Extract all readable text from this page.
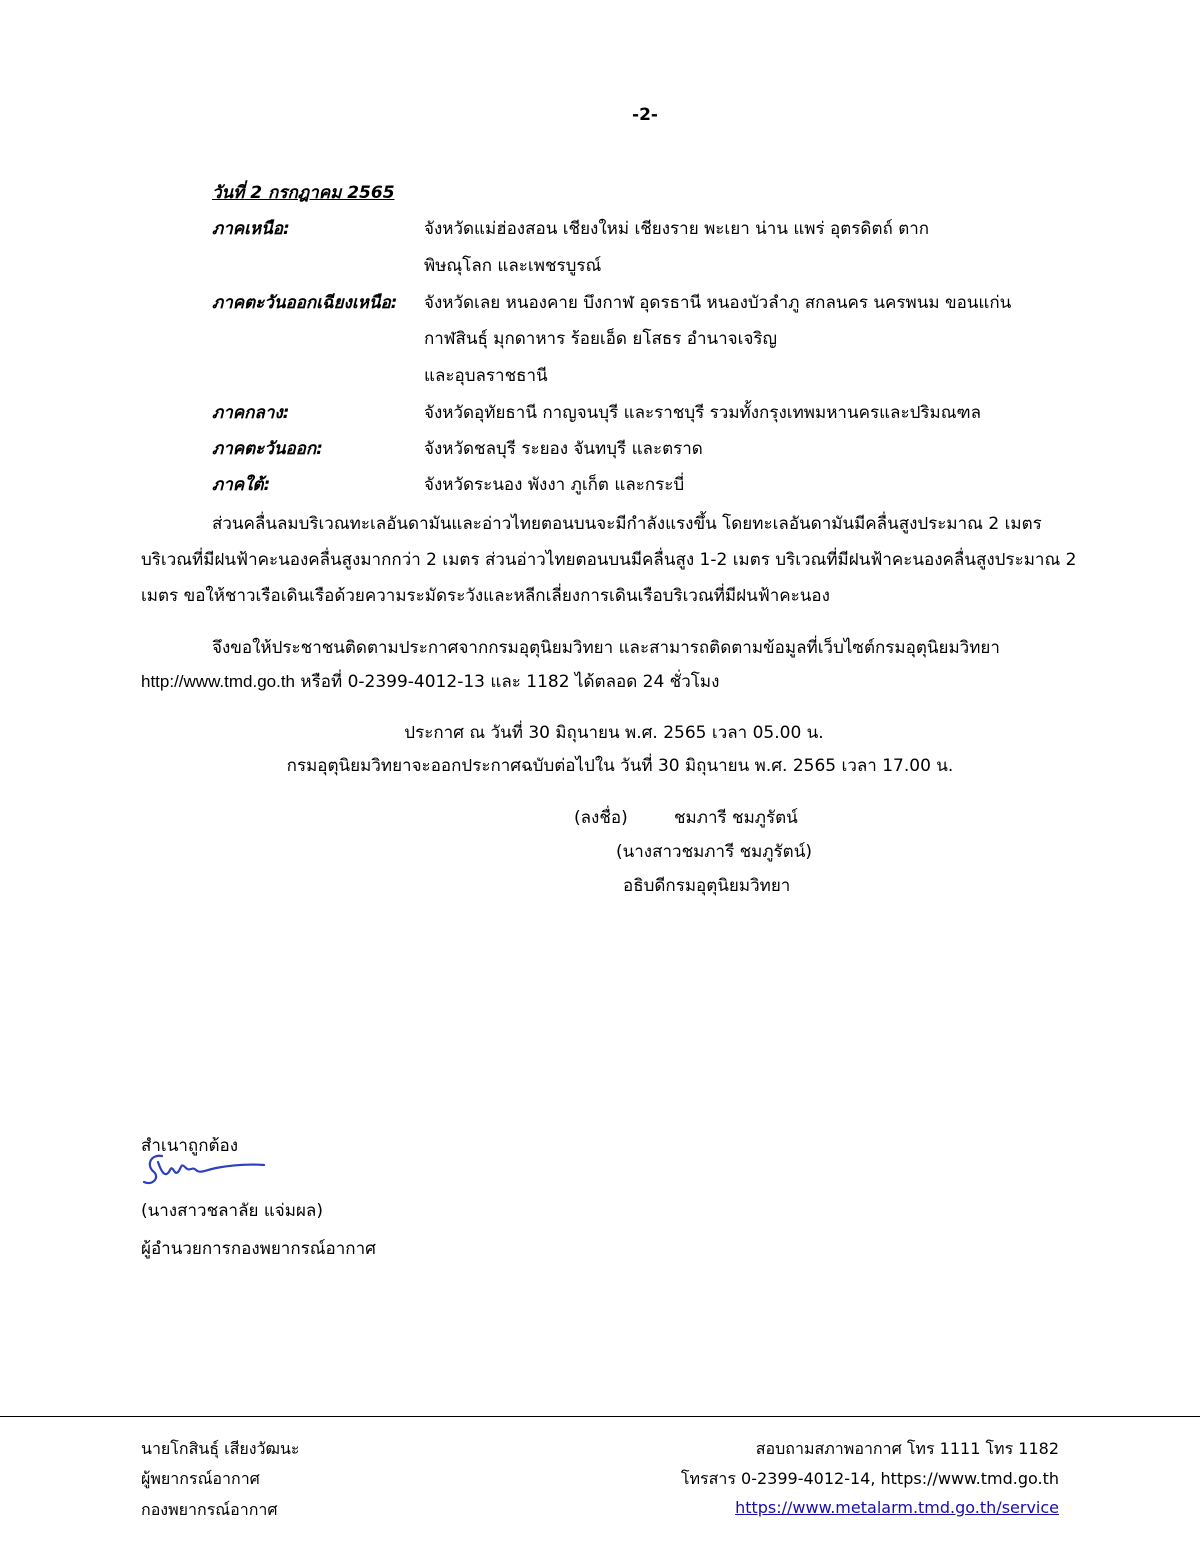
-2-
วันที่ 2 กรกฎาคม 2565
ภาคเหนือ:	จังหวัดแม่ฮ่องสอน เชียงใหม่ เชียงราย พะเยา น่าน แพร่ อุตรดิตถ์ ตาก
พิษณุโลก และเพชรบูรณ์
ภาคตะวันออกเฉียงเหนือ: จังหวัดเลย หนองคาย บึงกาฬ อุดรธานี หนองบัวลำภู สกลนคร นครพนม ขอนแก่น
กาฬสินธุ์ มุกดาหาร ร้อยเอ็ด ยโสธร อำนาจเจริญ
และอุบลราชธานี
ภาคกลาง:	จังหวัดอุทัยธานี กาญจนบุรี และราชบุรี รวมทั้งกรุงเทพมหานครและปริมณฑล
ภาคตะวันออก:	จังหวัดชลบุรี ระยอง จันทบุรี และตราด
ภาคใต้:	จังหวัดระนอง พังงา ภูเก็ต และกระบี่
ส่วนคลื่นลมบริเวณทะเลอันดามันและอ่าวไทยตอนบนจะมีกำลังแรงขึ้น โดยทะเลอันดามันมีคลื่นสูงประมาณ 2 เมตร
บริเวณที่มีฝนฟ้าคะนองคลื่นสูงมากกว่า 2 เมตร ส่วนอ่าวไทยตอนบนมีคลื่นสูง 1-2 เมตร บริเวณที่มีฝนฟ้าคะนองคลื่นสูงประมาณ 2
เมตร ขอให้ชาวเรือเดินเรือด้วยความระมัดระวังและหลีกเลี่ยงการเดินเรือบริเวณที่มีฝนฟ้าคะนอง
จึงขอให้ประชาชนติดตามประกาศจากกรมอุตุนิยมวิทยา และสามารถติดตามข้อมูลที่เว็บไซต์กรมอุตุนิยมวิทยา
http://www.tmd.go.th หรือที่ 0-2399-4012-13 และ 1182 ได้ตลอด 24 ชั่วโมง
ประกาศ ณ วันที่ 30 มิถุนายน พ.ศ. 2565 เวลา 05.00 น.
กรมอุตุนิยมวิทยาจะออกประกาศฉบับต่อไปใน วันที่ 30 มิถุนายน พ.ศ. 2565 เวลา 17.00 น.
(ลงชื่อ)	ชมภารี ชมภูรัตน์
(นางสาวชมภารี ชมภูรัตน์)
อธิบดีกรมอุตุนิยมวิทยา
สำเนาถูกต้อง
(นางสาวชลาลัย แจ่มผล)
ผู้อำนวยการกองพยากรณ์อากาศ
นายโกสินธุ์ เสียงวัฒนะ
ผู้พยากรณ์อากาศ
กองพยากรณ์อากาศ
สอบถามสภาพอากาศ โทร 1111 โทร 1182
โทรสาร 0-2399-4012-14, https://www.tmd.go.th
https://www.metalarm.tmd.go.th/service
